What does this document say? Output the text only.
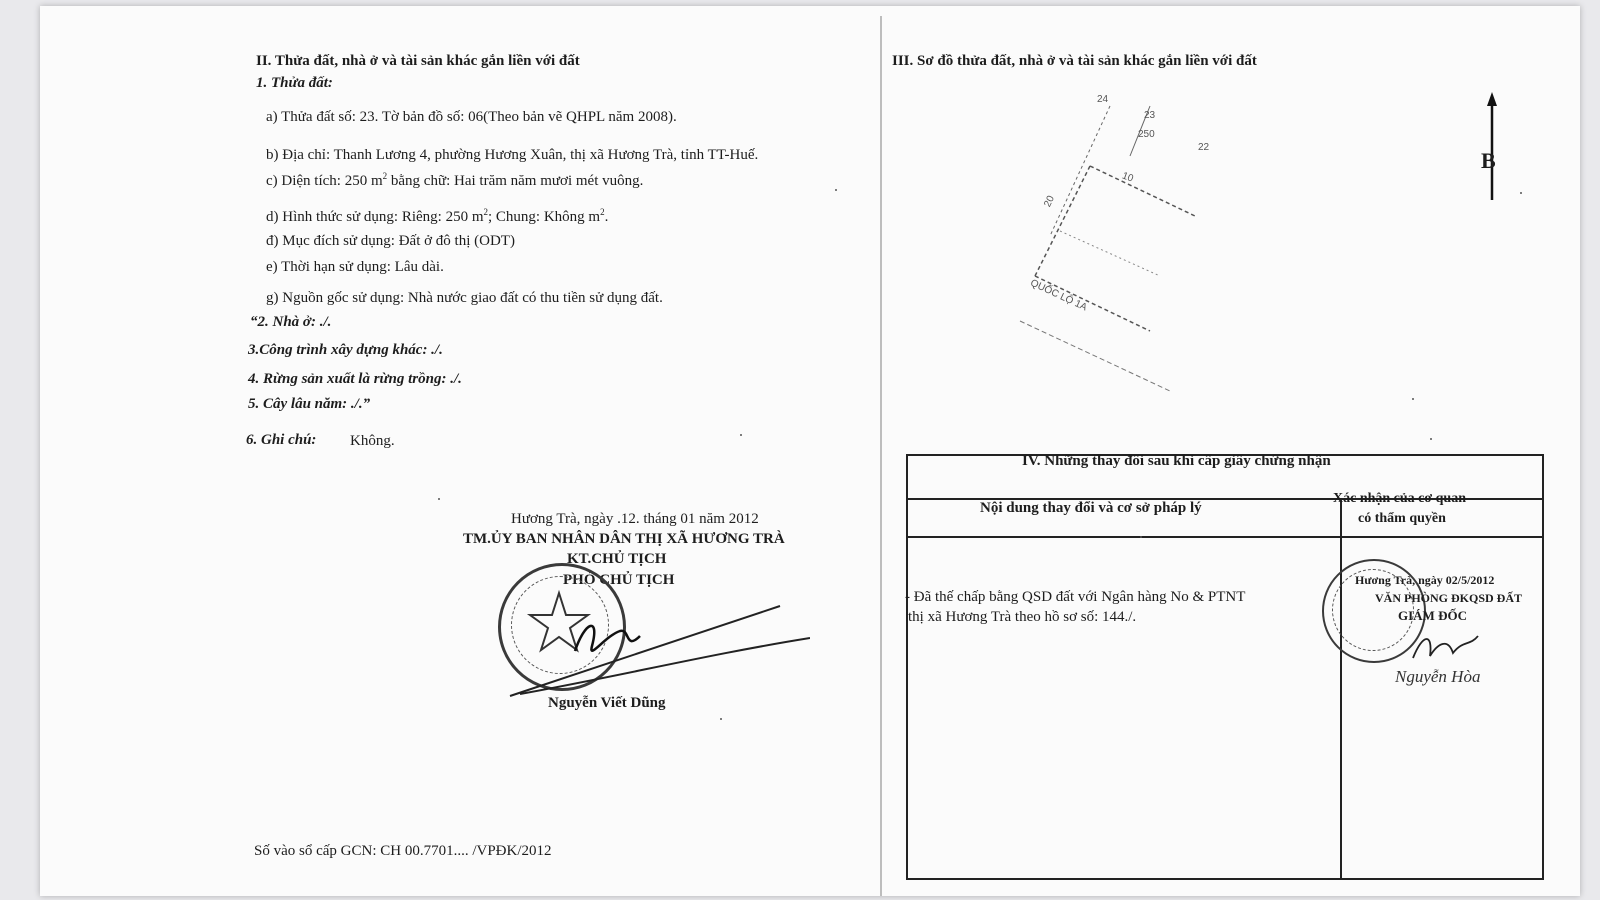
II. Thửa đất, nhà ở và tài sản khác gắn liền với đất
1. Thửa đất:
a) Thửa đất số: 23. Tờ bản đồ số: 06(Theo bản vẽ QHPL năm 2008).
b) Địa chỉ: Thanh Lương 4, phường Hương Xuân, thị xã Hương Trà, tỉnh TT-Huế.
c) Diện tích: 250 $m^2$ bằng chữ: Hai trăm năm mươi mét vuông.
d) Hình thức sử dụng: Riêng: 250 $m^2$; Chung: Không $m^2$.
đ) Mục đích sử dụng: Đất ở đô thị (ODT)
e) Thời hạn sử dụng: Lâu dài.
g) Nguồn gốc sử dụng: Nhà nước giao đất có thu tiền sử dụng đất.
“2. Nhà ở: ./.
3.Công trình xây dựng khác: ./.
4. Rừng sản xuất là rừng trồng: ./.
5. Cây lâu năm: ./.”
6. Ghi chú: Không.
Hương Trà, ngày .12. tháng 01 năm 2012
TM.ỦY BAN NHÂN DÂN THỊ XÃ HƯƠNG TRÀ
KT.CHỦ TỊCH
PHÓ CHỦ TỊCH
Nguyễn Viết Dũng
Số vào sổ cấp GCN: CH 00.7701.... /VPĐK/2012
III. Sơ đồ thửa đất, nhà ở và tài sản khác gắn liền với đất
24
23
250
22
10
20
QUỐC LỘ 1A
B
IV. Những thay đổi sau khi cấp giấy chứng nhận
Nội dung thay đổi và cơ sở pháp lý
Xác nhận của cơ quan
có thẩm quyền
- Đã thế chấp bằng QSD đất với Ngân hàng No & PTNT
thị xã Hương Trà theo hồ sơ số: 144./.
Hương Trà, ngày 02/5/2012
VĂN PHÒNG ĐKQSD ĐẤT
GIÁM ĐỐC
Nguyễn Hòa
